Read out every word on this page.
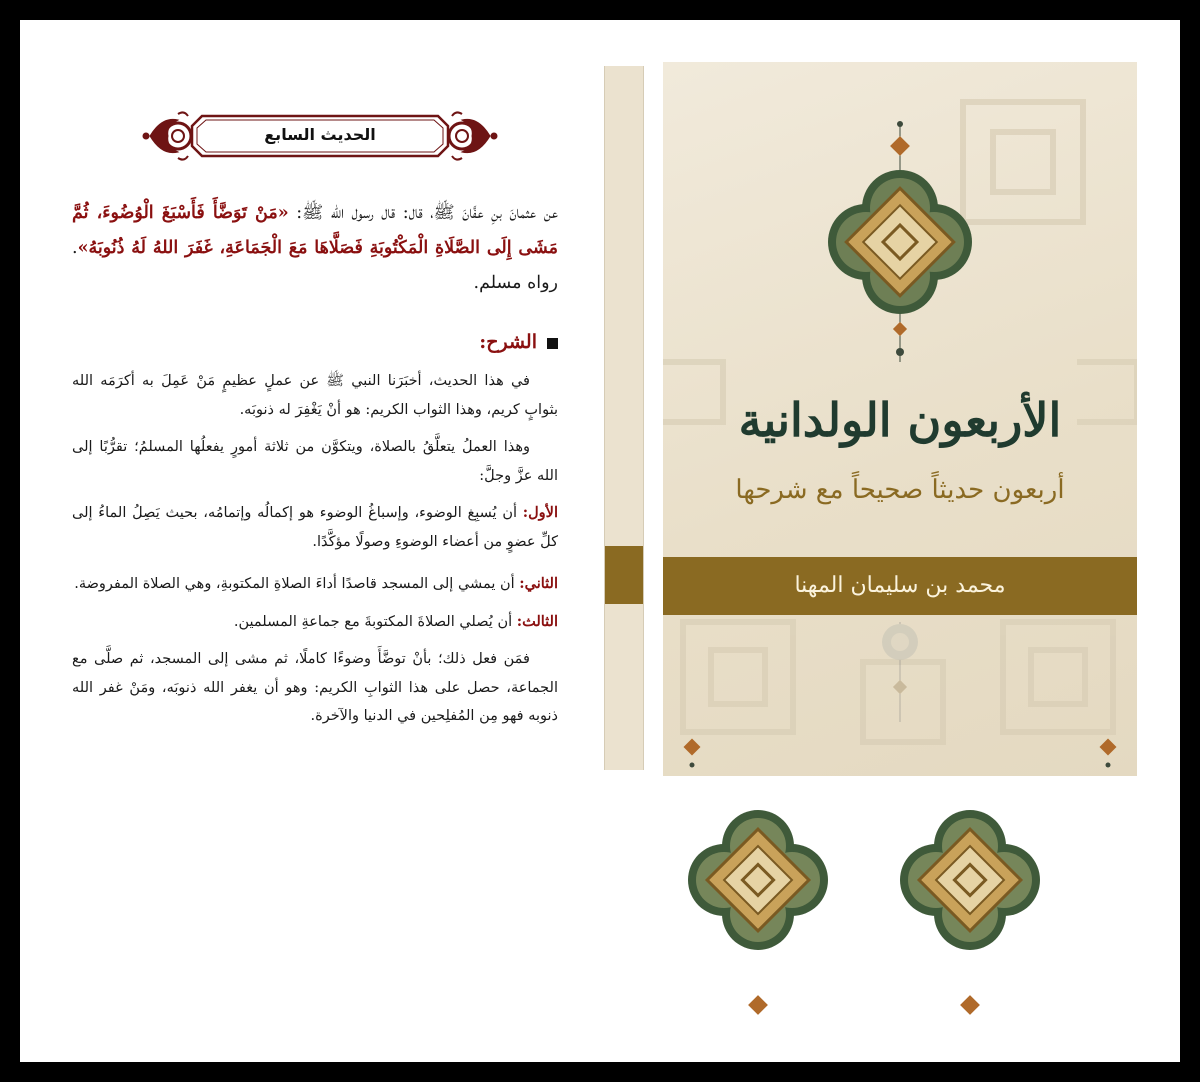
الحديث السابع

عن عثمانَ بنِ عفَّانَ ﷺ، قال: قال رسول الله ﷺ: «مَنْ تَوَضَّأَ فَأَسْبَغَ الْوُضُوءَ، ثُمَّ مَشَى إِلَى الصَّلَاةِ الْمَكْتُوبَةِ فَصَلَّاهَا مَعَ الْجَمَاعَةِ، غَفَرَ اللهُ لَهُ ذُنُوبَهُ». رواه مسلم.

الشرح:

في هذا الحديث، أخبَرَنا النبي ﷺ عن عملٍ عظيمٍ مَنْ عَمِلَ به أكرَمَه الله بثوابٍ كريم، وهذا الثواب الكريم: هو أنْ يَغْفِرَ له ذنوبَه.

وهذا العملُ يتعلَّقُ بالصلاة، ويتكوَّن من ثلاثة أمورٍ يفعلُها المسلمُ؛ تقرُّبًا إلى الله عزَّ وجلَّ:

الأول: أن يُسبِغ الوضوء، وإسباغُ الوضوء هو إكمالُه وإتمامُه، بحيث يَصِلُ الماءُ إلى كلِّ عضوٍ من أعضاء الوضوءِ وصولًا مؤكَّدًا.

الثاني: أن يمشي إلى المسجد قاصدًا أداءَ الصلاةِ المكتوبةِ، وهي الصلاة المفروضة.

الثالث: أن يُصلي الصلاةَ المكتوبةَ مع جماعةِ المسلمين.

فمَن فعل ذلك؛ بأنْ توضَّأَ وضوءًا كاملًا، ثم مشى إلى المسجد، ثم صلَّى مع الجماعة، حصل على هذا الثوابِ الكريم: وهو أن يغفر الله ذنوبَه، ومَنْ غفر الله ذنوبه فهو مِن المُفلِحين في الدنيا والآخرة.

الأربعون الولدانية
أربعون حديثاً صحيحاً مع شرحها
محمد بن سليمان المهنا
